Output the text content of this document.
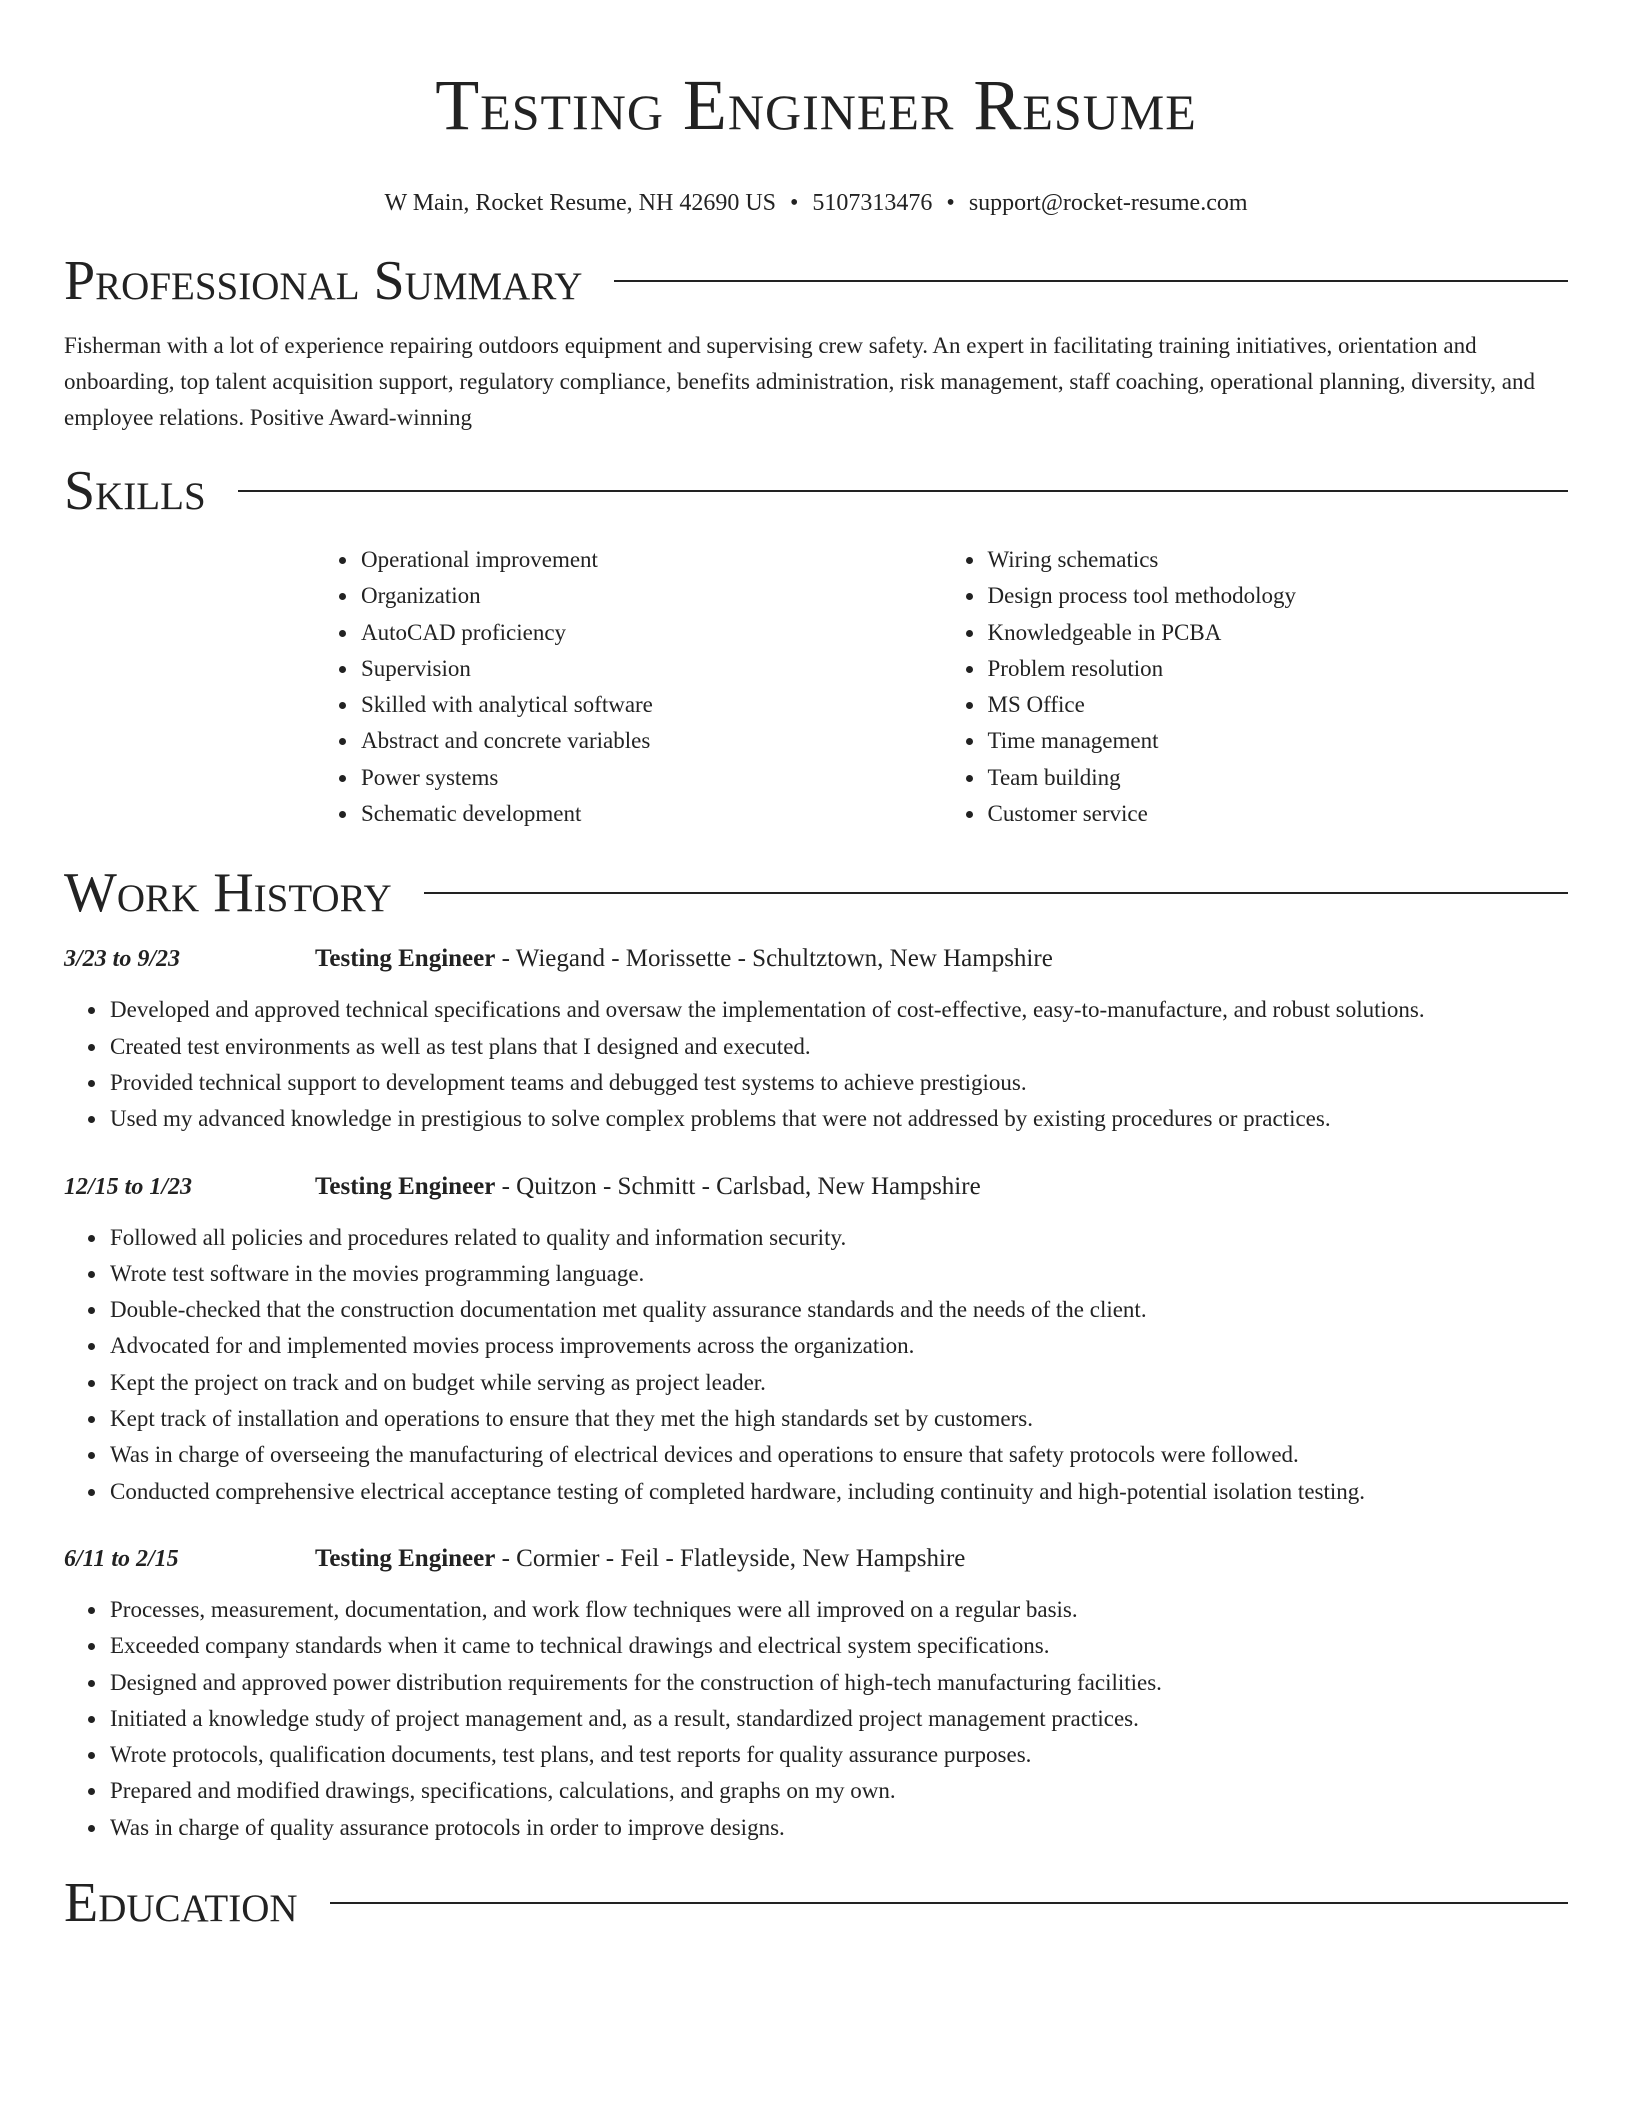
Testing Engineer Resume
W Main, Rocket Resume, NH 42690 US • 5107313476 • support@rocket-resume.com
Professional Summary

Fisherman with a lot of experience repairing outdoors equipment and supervising crew safety. An expert in facilitating training initiatives, orientation and onboarding, top talent acquisition support, regulatory compliance, benefits administration, risk management, staff coaching, operational planning, diversity, and employee relations. Positive Award-winning

Skills
• Operational improvement
• Organization
• AutoCAD proficiency
• Supervision
• Skilled with analytical software
• Abstract and concrete variables
• Power systems
• Schematic development
• Wiring schematics
• Design process tool methodology
• Knowledgeable in PCBA
• Problem resolution
• MS Office
• Time management
• Team building
• Customer service
Work History
3/23 to 9/23	Testing Engineer - Wiegand - Morissette - Schultztown, New Hampshire
• Developed and approved technical specifications and oversaw the implementation of cost-effective, easy-to-manufacture, and robust solutions.
• Created test environments as well as test plans that I designed and executed.
• Provided technical support to development teams and debugged test systems to achieve prestigious.
• Used my advanced knowledge in prestigious to solve complex problems that were not addressed by existing procedures or practices.
12/15 to 1/23	Testing Engineer - Quitzon - Schmitt - Carlsbad, New Hampshire
• Followed all policies and procedures related to quality and information security.
• Wrote test software in the movies programming language.
• Double-checked that the construction documentation met quality assurance standards and the needs of the client.
• Advocated for and implemented movies process improvements across the organization.
• Kept the project on track and on budget while serving as project leader.
• Kept track of installation and operations to ensure that they met the high standards set by customers.
• Was in charge of overseeing the manufacturing of electrical devices and operations to ensure that safety protocols were followed.
• Conducted comprehensive electrical acceptance testing of completed hardware, including continuity and high-potential isolation testing.
6/11 to 2/15	Testing Engineer - Cormier - Feil - Flatleyside, New Hampshire
• Processes, measurement, documentation, and work flow techniques were all improved on a regular basis.
• Exceeded company standards when it came to technical drawings and electrical system specifications.
• Designed and approved power distribution requirements for the construction of high-tech manufacturing facilities.
• Initiated a knowledge study of project management and, as a result, standardized project management practices.
• Wrote protocols, qualification documents, test plans, and test reports for quality assurance purposes.
• Prepared and modified drawings, specifications, calculations, and graphs on my own.
• Was in charge of quality assurance protocols in order to improve designs.
Education
